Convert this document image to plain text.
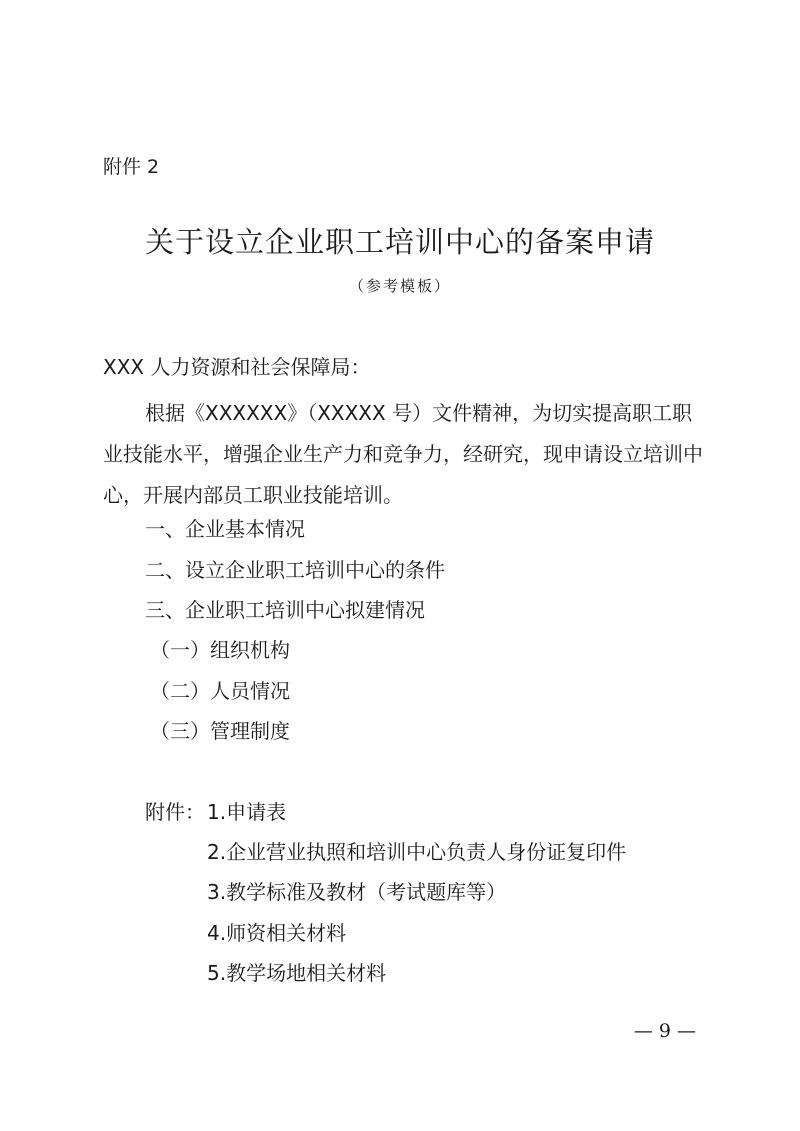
附件 2
关于设立企业职工培训中心的备案申请
（参考模板）
XXX 人力资源和社会保障局：
根据《XXXXXX》（XXXXX 号）文件精神，为切实提高职工职业技能水平，增强企业生产力和竞争力，经研究，现申请设立培训中心，开展内部员工职业技能培训。
一、企业基本情况
二、设立企业职工培训中心的条件
三、企业职工培训中心拟建情况
（一）组织机构
（二）人员情况
（三）管理制度
附件： 1.申请表
2.企业营业执照和培训中心负责人身份证复印件
3.教学标准及教材（考试题库等）
4.师资相关材料
5.教学场地相关材料
— 9 —
